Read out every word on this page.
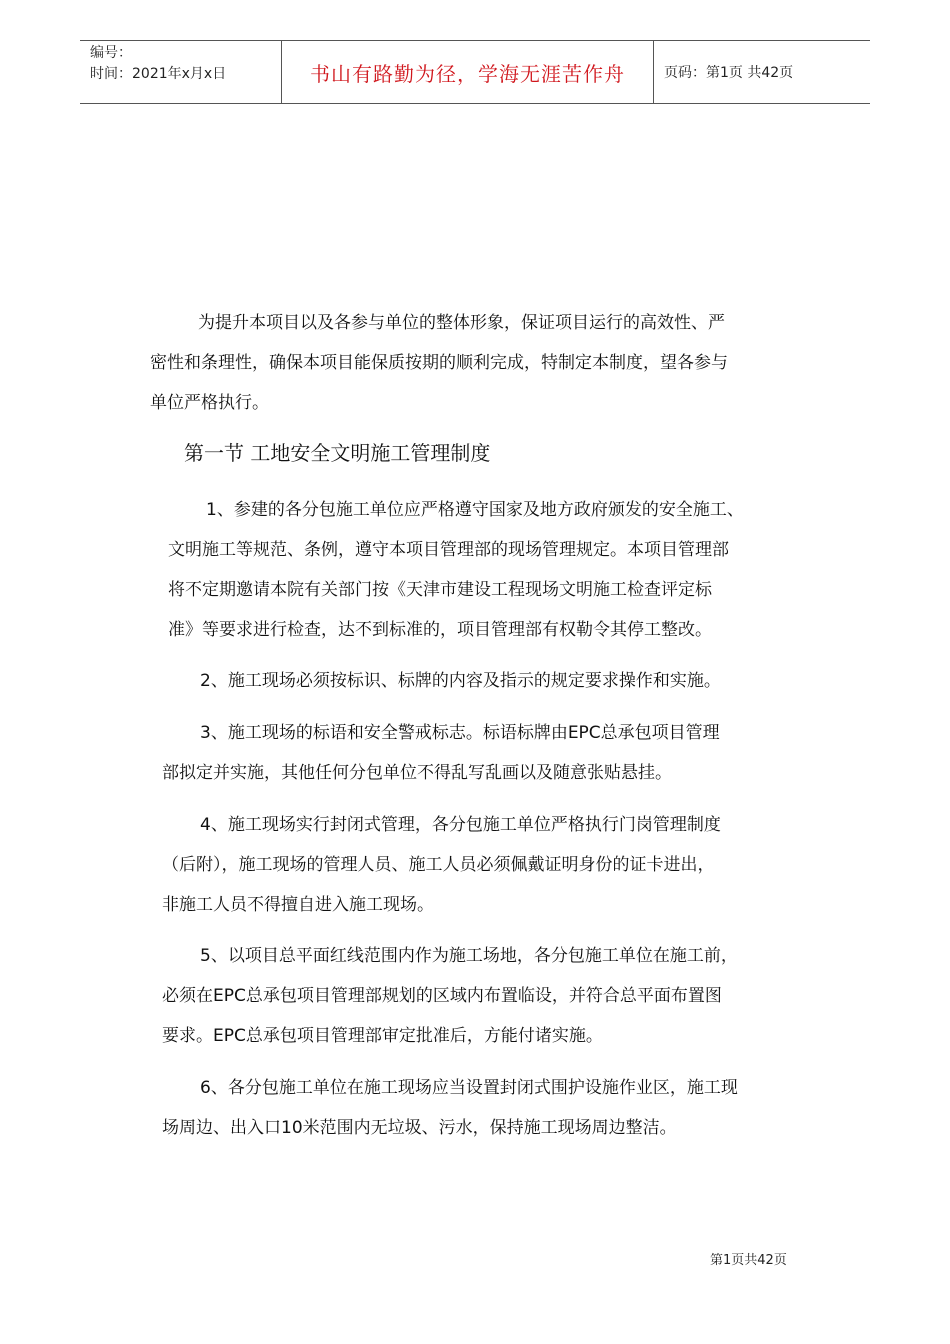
编号：
时间：2021年x月x日	书山有路勤为径，学海无涯苦作舟	页码：第1页 共42页
为提升本项目以及各参与单位的整体形象，保证项目运行的高效性、严
密性和条理性，确保本项目能保质按期的顺利完成，特制定本制度，望各参与
单位严格执行。
第一节 工地安全文明施工管理制度
1、参建的各分包施工单位应严格遵守国家及地方政府颁发的安全施工、
文明施工等规范、条例，遵守本项目管理部的现场管理规定。本项目管理部
将不定期邀请本院有关部门按《天津市建设工程现场文明施工检查评定标
准》等要求进行检查，达不到标准的，项目管理部有权勒令其停工整改。
2、施工现场必须按标识、标牌的内容及指示的规定要求操作和实施。
3、施工现场的标语和安全警戒标志。标语标牌由EPC总承包项目管理
部拟定并实施，其他任何分包单位不得乱写乱画以及随意张贴悬挂。
4、施工现场实行封闭式管理，各分包施工单位严格执行门岗管理制度
（后附），施工现场的管理人员、施工人员必须佩戴证明身份的证卡进出，
非施工人员不得擅自进入施工现场。
5、以项目总平面红线范围内作为施工场地，各分包施工单位在施工前，
必须在EPC总承包项目管理部规划的区域内布置临设，并符合总平面布置图
要求。EPC总承包项目管理部审定批准后，方能付诸实施。
6、各分包施工单位在施工现场应当设置封闭式围护设施作业区，施工现
场周边、出入口10米范围内无垃圾、污水，保持施工现场周边整洁。
第1页共42页
